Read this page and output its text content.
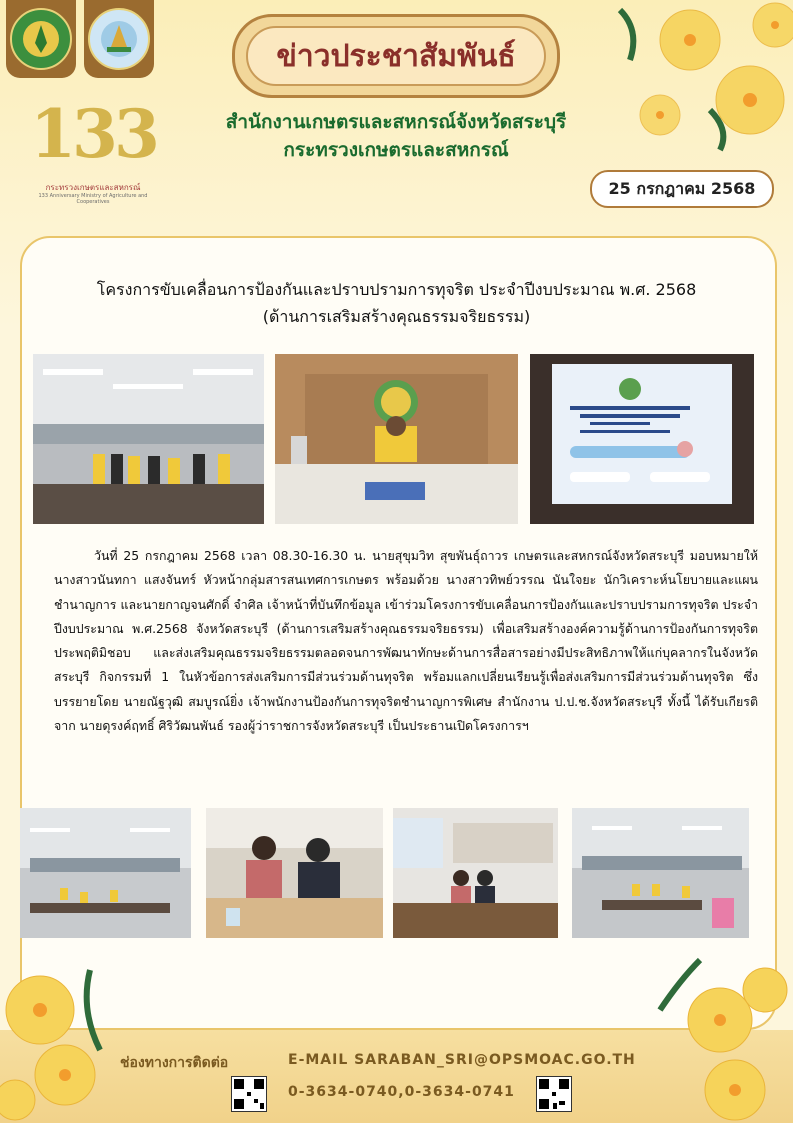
133
กระทรวงเกษตรและสหกรณ์
133 Anniversary Ministry of Agriculture and Cooperatives
ข่าวประชาสัมพันธ์
สำนักงานเกษตรและสหกรณ์จังหวัดสระบุรี
กระทรวงเกษตรและสหกรณ์
25 กรกฎาคม 2568
โครงการขับเคลื่อนการป้องกันและปราบปรามการทุจริต ประจำปีงบประมาณ พ.ศ. 2568
(ด้านการเสริมสร้างคุณธรรมจริยธรรม)
วันที่ 25 กรกฎาคม 2568 เวลา 08.30-16.30 น. นายสุขุมวิท สุขพันธุ์ถาวร เกษตรและสหกรณ์จังหวัดสระบุรี มอบหมายให้ นางสาวนันทกา แสงจันทร์ หัวหน้ากลุ่มสารสนเทศการเกษตร พร้อมด้วย นางสาวทิพย์วรรณ นันใจยะ นักวิเคราะห์นโยบายและแผนชำนาญการ และนายกาญจนศักดิ์ จำศิล เจ้าหน้าที่บันทึกข้อมูล เข้าร่วมโครงการขับเคลื่อนการป้องกันและปราบปรามการทุจริต ประจำปีงบประมาณ พ.ศ.2568 จังหวัดสระบุรี (ด้านการเสริมสร้างคุณธรรมจริยธรรม) เพื่อเสริมสร้างองค์ความรู้ด้านการป้องกันการทุจริตประพฤติมิชอบ และส่งเสริมคุณธรรมจริยธรรมตลอดจนการพัฒนาทักษะด้านการสื่อสารอย่างมีประสิทธิภาพให้แก่บุคลากรในจังหวัดสระบุรี กิจกรรมที่ 1 ในหัวข้อการส่งเสริมการมีส่วนร่วมด้านทุจริต พร้อมแลกเปลี่ยนเรียนรู้เพื่อส่งเสริมการมีส่วนร่วมด้านทุจริต ซึ่งบรรยายโดย นายณัฐวุฒิ สมบูรณ์ยิ่ง เจ้าพนักงานป้องกันการทุจริตชำนาญการพิเศษ สำนักงาน ป.ป.ช.จังหวัดสระบุรี ทั้งนี้ ได้รับเกียรติจาก นายดุรงค์ฤทธิ์ ศิริวัฒนพันธ์ รองผู้ว่าราชการจังหวัดสระบุรี เป็นประธานเปิดโครงการฯ
ช่องทางการติดต่อ	E-MAIL SARABAN_SRI@OPSMOAC.GO.TH
0-3634-0740,0-3634-0741
